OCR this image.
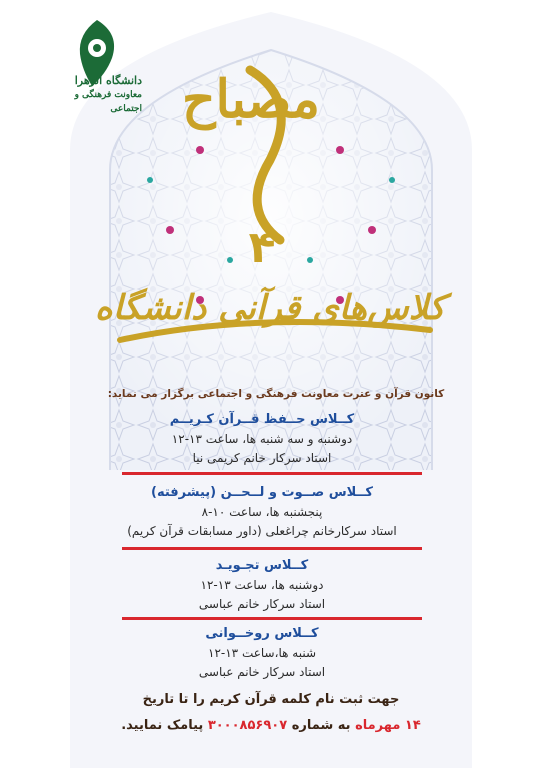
دانشگاه الزهرا
معاونت فرهنگی و اجتماعی مصباح
۴
کلاس‌های قرآنی دانشگاه
کانون قرآن و عترت معاونت فرهنگی و اجتماعی برگزار می نماید:
کــلاس حــفظ قــرآن کـریــم
دوشنبه و سه شنبه ها، ساعت ۱۳-۱۲
استاد سرکار خانم کریمی نیا
کــلاس صــوت و لــحــن (پیشرفته)
پنجشنبه ها، ساعت ۱۰-۸
استاد سرکارخانم چراغعلی (داور مسابقات قرآن کریم)
کــلاس تجـویـد
دوشنبه ها، ساعت ۱۳-۱۲
استاد سرکار خانم عباسی
کــلاس روخــوانی
شنبه ها،ساعت ۱۳-۱۲
استاد سرکار خانم عباسی
جهت ثبت نام کلمه قرآن کریم را تا تاریخ
۱۴ مهرماه به شماره ۳۰۰۰۸۵۶۹۰۷ پیامک نمایید.
